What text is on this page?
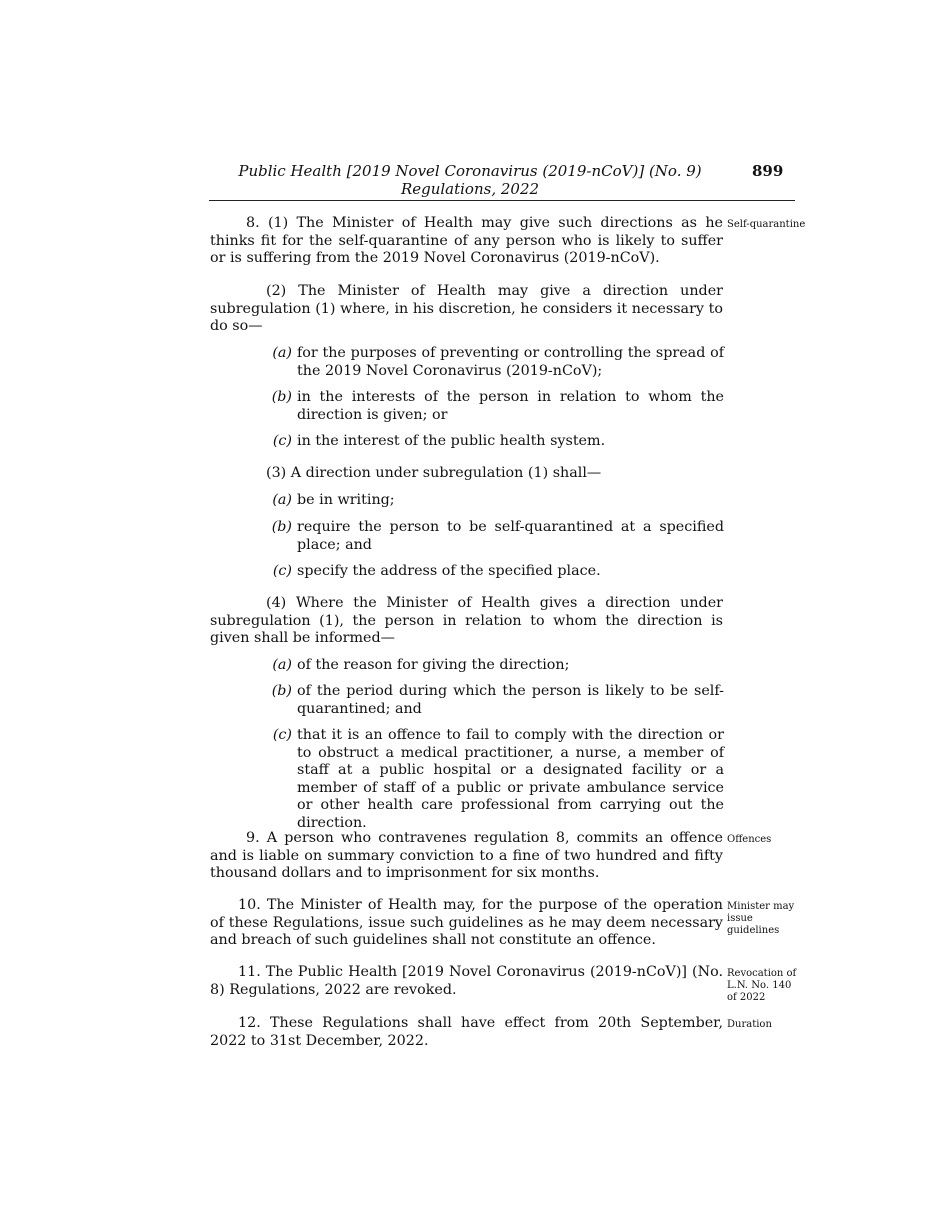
Public Health [2019 Novel Coronavirus (2019-nCoV)] (No. 9) Regulations, 2022
899

8. (1) The Minister of Health may give such directions as he thinks fit for the self-quarantine of any person who is likely to suffer or is suffering from the 2019 Novel Coronavirus (2019-nCoV).

Self-quarantine

(2) The Minister of Health may give a direction under subregulation (1) where, in his discretion, he considers it necessary to do so—

(a) for the purposes of preventing or controlling the spread of the 2019 Novel Coronavirus (2019-nCoV);
(b) in the interests of the person in relation to whom the direction is given; or
(c) in the interest of the public health system.
(3) A direction under subregulation (1) shall—
(a) be in writing;
(b) require the person to be self-quarantined at a specified place; and
(c) specify the address of the specified place.

(4) Where the Minister of Health gives a direction under subregulation (1), the person in relation to whom the direction is given shall be informed—

(a) of the reason for giving the direction;
(b) of the period during which the person is likely to be self-quarantined; and
(c) that it is an offence to fail to comply with the direction or to obstruct a medical practitioner, a nurse, a member of staff at a public hospital or a designated facility or a member of staff of a public or private ambulance service or other health care professional from carrying out the direction.

9. A person who contravenes regulation 8, commits an offence and is liable on summary conviction to a fine of two hundred and fifty thousand dollars and to imprisonment for six months.

Offences

10. The Minister of Health may, for the purpose of the operation of these Regulations, issue such guidelines as he may deem necessary and breach of such guidelines shall not constitute an offence.

Minister may issue guidelines

11. The Public Health [2019 Novel Coronavirus (2019-nCoV)] (No. 8) Regulations, 2022 are revoked.

Revocation of L.N. No. 140 of 2022

12. These Regulations shall have effect from 20th September, 2022 to 31st December, 2022.

Duration
